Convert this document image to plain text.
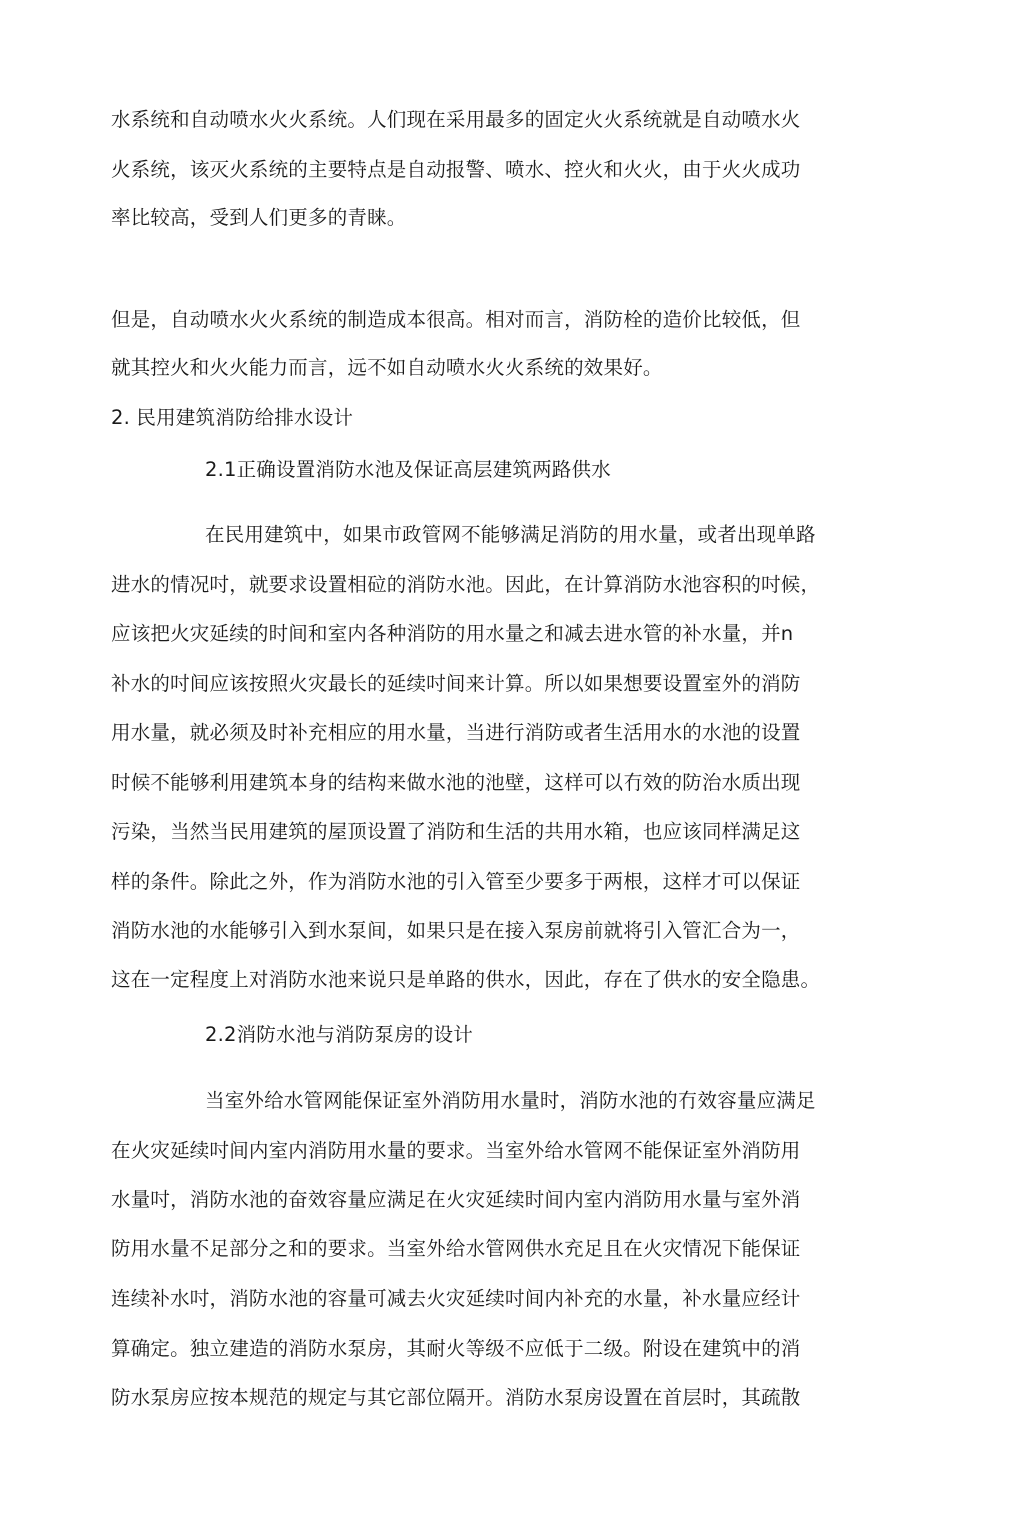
水系统和自动喷水火火系统。人们现在采用最多的固定火火系统就是自动喷水火
火系统，该灭火系统的主要特点是自动报警、喷水、控火和火火，由于火火成功
率比较高，受到人们更多的青睐。
但是，自动喷水火火系统的制造成本很高。相对而言，消防栓的造价比较低，但
就其控火和火火能力而言，远不如自动喷水火火系统的效果好。
2. 民用建筑消防给排水设计
2.1正确设置消防水池及保证高层建筑两路供水
在民用建筑中，如果市政管网不能够满足消防的用水量，或者出现单路
进水的情况吋，就要求设置相砬的消防水池。因此，在计算消防水池容积的吋候，
应该把火灾延续的时间和室内各种消防的用水量之和减去进水管的补水量，并n
补水的吋间应该按照火灾最长的延续吋间来计算。所以如果想要设置室外的消防
用水量，就必须及时补充相应的用水量，当进行消防或者生活用水的水池的设置
时候不能够利用建筑本身的结构来做水池的池壁，这样可以冇效的防治水质出现
污染，当然当民用建筑的屋顶设置了消防和生活的共用水箱，也应该同样满足这
样的条件。除此之外，作为消防水池的引入管至少要多于两根，这样才可以保证
消防水池的水能够引入到水泵间，如果只是在接入泵房前就将引入管汇合为一，
这在一定程度上对消防水池来说只是单路的供水，因此，存在了供水的安全隐患。
2.2消防水池与消防泵房的设计
当室外给水管网能保证室外消防用水量时，消防水池的冇效容量应满足
在火灾延续吋间内室内消防用水量的要求。当室外给水管网不能保证室外消防用
水量吋，消防水池的奋效容量应满足在火灾延续时间内室内消防用水量与室外消
防用水量不足部分之和的要求。当室外给水管网供水充足且在火灾情况下能保证
连续补水吋，消防水池的容量可减去火灾延续吋间内补充的水量，补水量应经计
算确定。独立建造的消防水泵房，其耐火等级不应低于二级。附设在建筑中的消
防水泵房应按本规范的规定与其它部位隔开。消防水泵房设置在首层时，其疏散
